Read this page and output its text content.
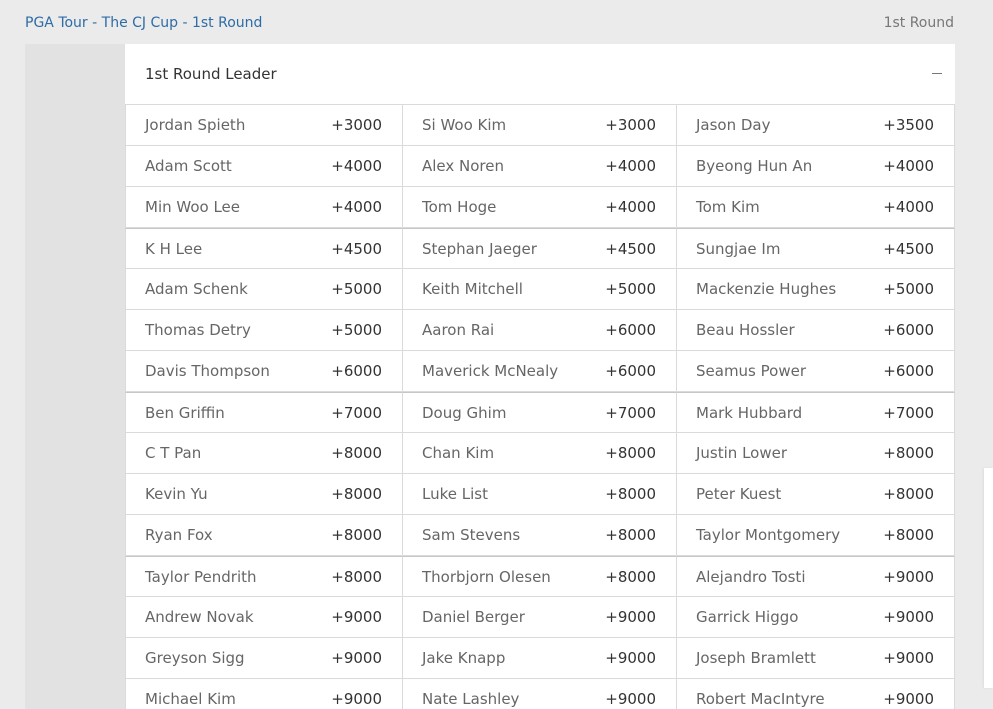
PGA Tour - The CJ Cup - 1st Round	1st Round
1st Round Leader
Jordan Spieth	+3000	Si Woo Kim	+3000	Jason Day	+3500
Adam Scott	+4000	Alex Noren	+4000	Byeong Hun An	+4000
Min Woo Lee	+4000	Tom Hoge	+4000	Tom Kim	+4000
K H Lee	+4500	Stephan Jaeger	+4500	Sungjae Im	+4500
Adam Schenk	+5000	Keith Mitchell	+5000	Mackenzie Hughes	+5000
Thomas Detry	+5000	Aaron Rai	+6000	Beau Hossler	+6000
Davis Thompson	+6000	Maverick McNealy	+6000	Seamus Power	+6000
Ben Griffin	+7000	Doug Ghim	+7000	Mark Hubbard	+7000
C T Pan	+8000	Chan Kim	+8000	Justin Lower	+8000
Kevin Yu	+8000	Luke List	+8000	Peter Kuest	+8000
Ryan Fox	+8000	Sam Stevens	+8000	Taylor Montgomery	+8000
Taylor Pendrith	+8000	Thorbjorn Olesen	+8000	Alejandro Tosti	+9000
Andrew Novak	+9000	Daniel Berger	+9000	Garrick Higgo	+9000
Greyson Sigg	+9000	Jake Knapp	+9000	Joseph Bramlett	+9000
Michael Kim	+9000	Nate Lashley	+9000	Robert MacIntyre	+9000
